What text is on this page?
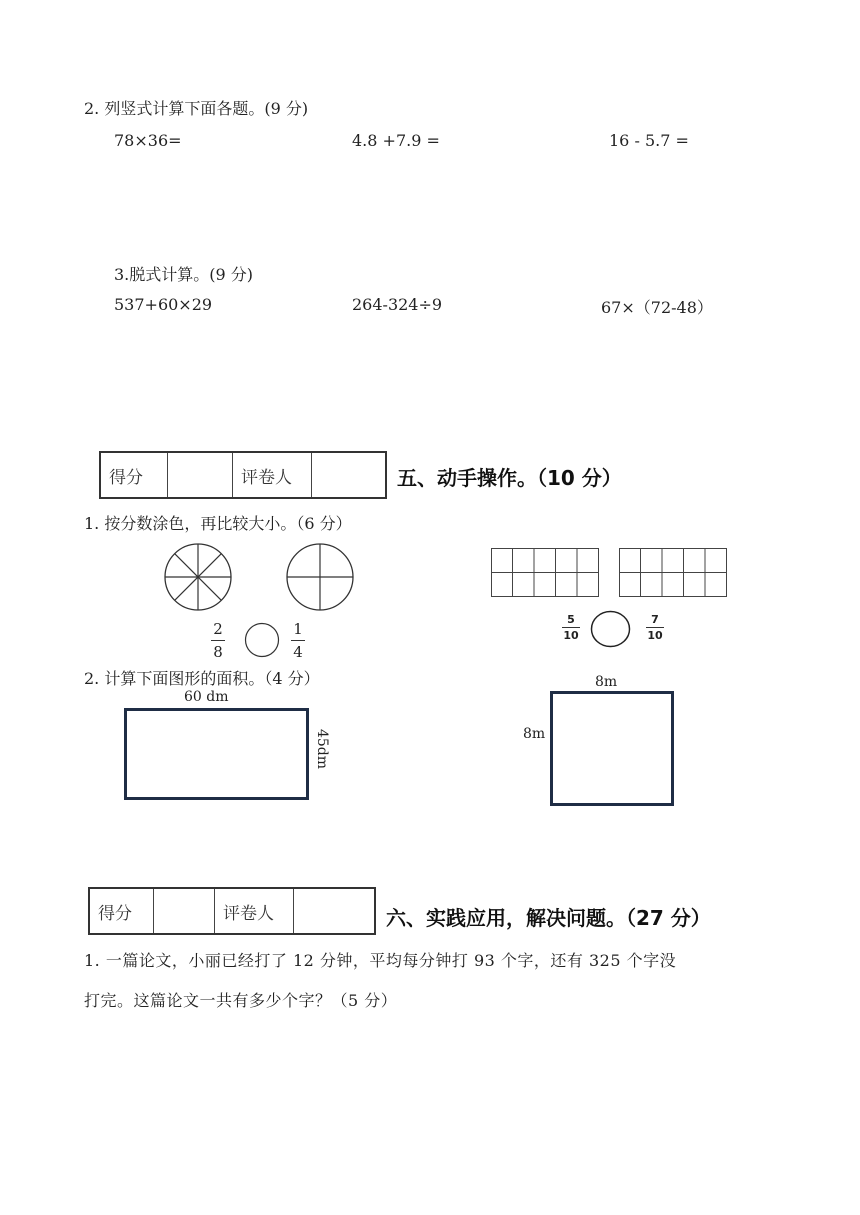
2. 列竖式计算下面各题。(9 分)
78×36=	4.8 +7.9 =	16 - 5.7 =
3.脱式计算。(9 分)
537+60×29	264-324÷9	67×（72-48）
得分		评卷人		五、动手操作。（10 分）
1. 按分数涂色，再比较大小。（6 分）
2
8
1
4
5
10
7
10
2. 计算下面图形的面积。（4 分）
60 dm
45dm
8m
8m
得分		评卷人		六、实践应用，解决问题。（27 分）
1. 一篇论文，小丽已经打了 12 分钟，平均每分钟打 93 个字，还有 325 个字没
打完。这篇论文一共有多少个字？（5 分）
